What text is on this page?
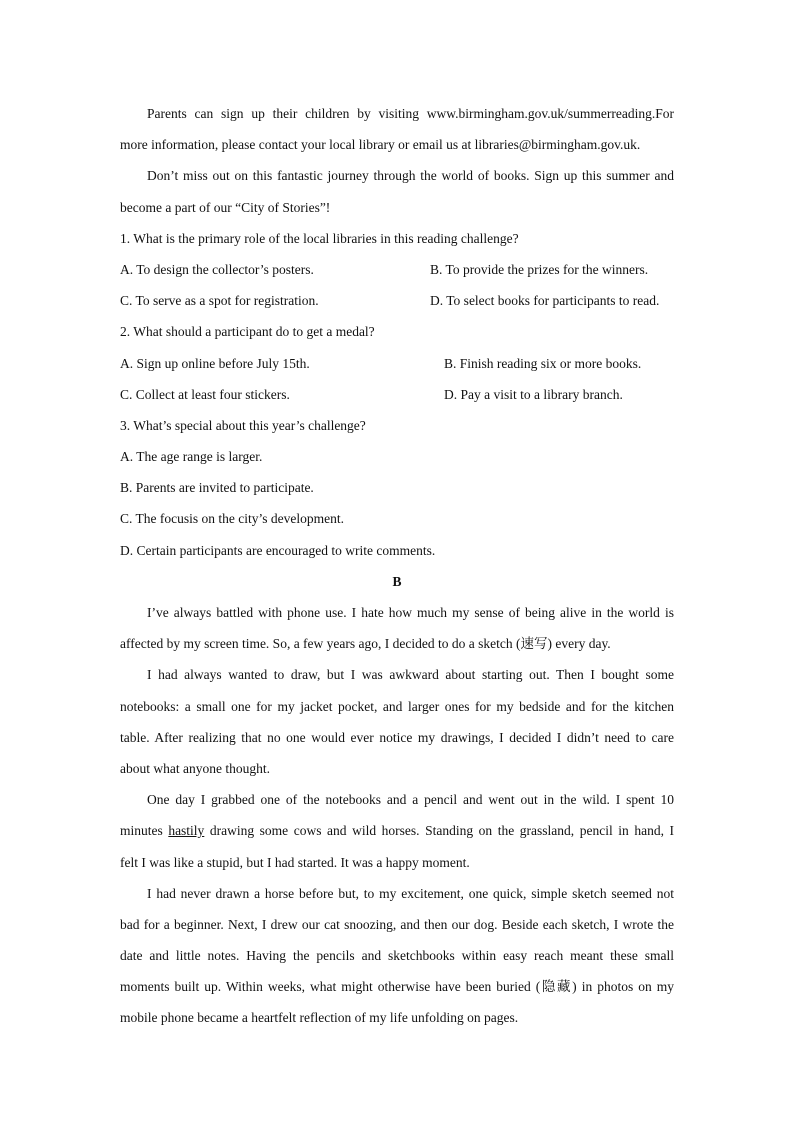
Parents can sign up their children by visiting www.birmingham.gov.uk/summerreading.For
more information, please contact your local library or email us at libraries@birmingham.gov.uk.
Don’t miss out on this fantastic journey through the world of books. Sign up this summer and
become a part of our “City of Stories”!
1. What is the primary role of the local libraries in this reading challenge?
A. To design the collector’s posters.	B. To provide the prizes for the winners.
C. To serve as a spot for registration.	D. To select books for participants to read.
2. What should a participant do to get a medal?
A. Sign up online before July 15th.	B. Finish reading six or more books.
C. Collect at least four stickers.	D. Pay a visit to a library branch.
3. What’s special about this year’s challenge?
A. The age range is larger.
B. Parents are invited to participate.
C. The focusis on the city’s development.
D. Certain participants are encouraged to write comments.
B
I’ve always battled with phone use. I hate how much my sense of being alive in the world is
affected by my screen time. So, a few years ago, I decided to do a sketch (速写) every day.
I had always wanted to draw, but I was awkward about starting out. Then I bought some
notebooks: a small one for my jacket pocket, and larger ones for my bedside and for the kitchen
table. After realizing that no one would ever notice my drawings, I decided I didn’t need to care
about what anyone thought.
One day I grabbed one of the notebooks and a pencil and went out in the wild. I spent 10
minutes hastily drawing some cows and wild horses. Standing on the grassland, pencil in hand, I
felt I was like a stupid, but I had started. It was a happy moment.
I had never drawn a horse before but, to my excitement, one quick, simple sketch seemed not
bad for a beginner. Next, I drew our cat snoozing, and then our dog. Beside each sketch, I wrote the
date and little notes. Having the pencils and sketchbooks within easy reach meant these small
moments built up. Within weeks, what might otherwise have been buried (隐藏) in photos on my
mobile phone became a heartfelt reflection of my life unfolding on pages.
